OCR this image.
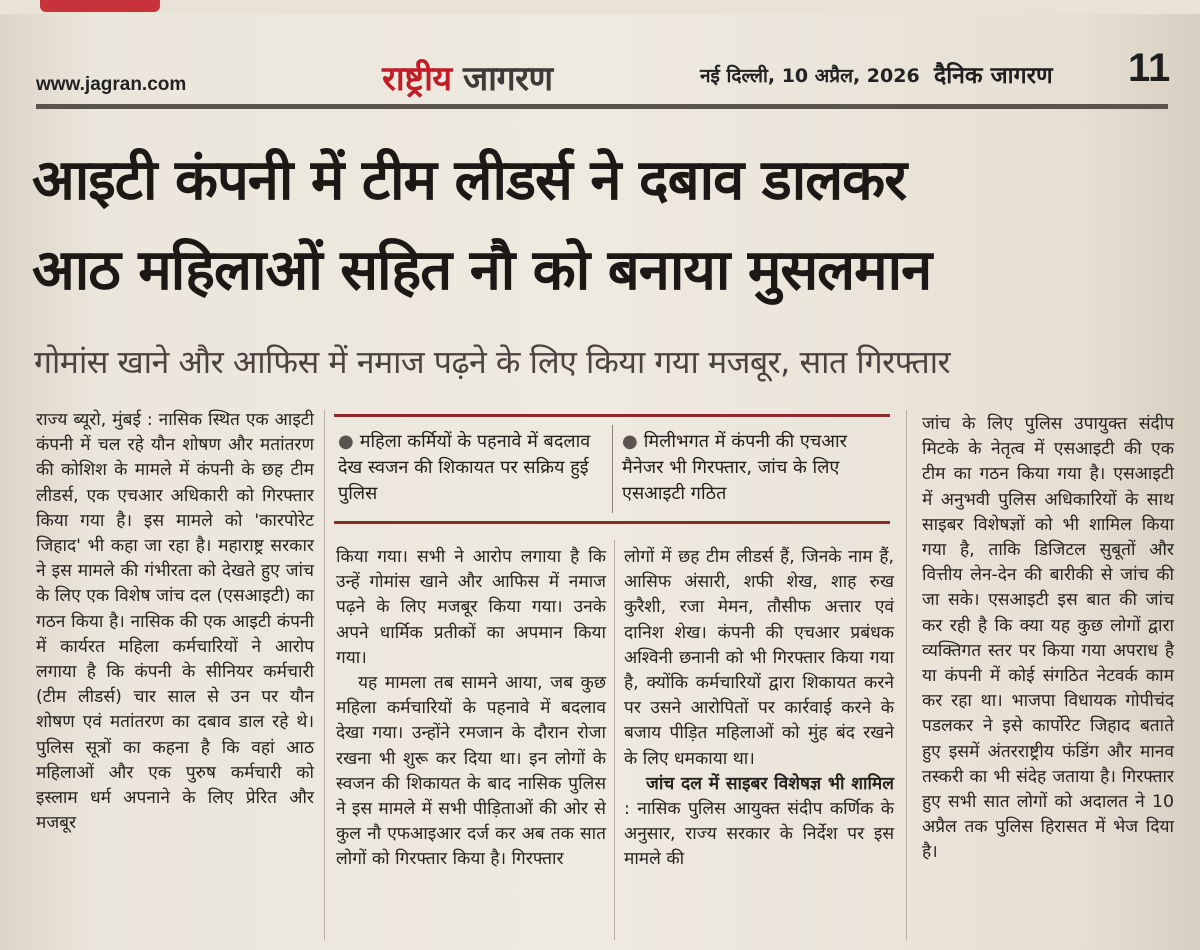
www.jagran.com	राष्ट्रीय जागरण	नई दिल्ली, 10 अप्रैल, 2026 दैनिक जागरण 11
आइटी कंपनी में टीम लीडर्स ने दबाव डालकर
आठ महिलाओं सहित नौ को बनाया मुसलमान
गोमांस खाने और आफिस में नमाज पढ़ने के लिए किया गया मजबूर, सात गिरफ्तार

राज्य ब्यूरो, मुंबई : नासिक स्थित एक आइटी कंपनी में चल रहे यौन शोषण और मतांतरण की कोशिश के मामले में कंपनी के छह टीम लीडर्स, एक एचआर अधिकारी को गिरफ्तार किया गया है। इस मामले को 'कारपोरेट जिहाद' भी कहा जा रहा है। महाराष्ट्र सरकार ने इस मामले की गंभीरता को देखते हुए जांच के लिए एक विशेष जांच दल (एसआइटी) का गठन किया है। नासिक की एक आइटी कंपनी में कार्यरत महिला कर्मचारियों ने आरोप लगाया है कि कंपनी के सीनियर कर्मचारी (टीम लीडर्स) चार साल से उन पर यौन शोषण एवं मतांतरण का दबाव डाल रहे थे। पुलिस सूत्रों का कहना है कि वहां आठ महिलाओं और एक पुरुष कर्मचारी को इस्लाम धर्म अपनाने के लिए प्रेरित और मजबूर

● महिला कर्मियों के पहनावे में बदलाव देख स्वजन की शिकायत पर सक्रिय हुई पुलिस
● मिलीभगत में कंपनी की एचआर मैनेजर भी गिरफ्तार, जांच के लिए एसआइटी गठित

किया गया। सभी ने आरोप लगाया है कि उन्हें गोमांस खाने और आफिस में नमाज पढ़ने के लिए मजबूर किया गया। उनके अपने धार्मिक प्रतीकों का अपमान किया गया।

यह मामला तब सामने आया, जब कुछ महिला कर्मचारियों के पहनावे में बदलाव देखा गया। उन्होंने रमजान के दौरान रोजा रखना भी शुरू कर दिया था। इन लोगों के स्वजन की शिकायत के बाद नासिक पुलिस ने इस मामले में सभी पीड़िताओं की ओर से कुल नौ एफआइआर दर्ज कर अब तक सात लोगों को गिरफ्तार किया है। गिरफ्तार

लोगों में छह टीम लीडर्स हैं, जिनके नाम हैं, आसिफ अंसारी, शफी शेख, शाह रुख कुरैशी, रजा मेमन, तौसीफ अत्तार एवं दानिश शेख। कंपनी की एचआर प्रबंधक अश्विनी छनानी को भी गिरफ्तार किया गया है, क्योंकि कर्मचारियों द्वारा शिकायत करने पर उसने आरोपितों पर कार्रवाई करने के बजाय पीड़ित महिलाओं को मुंह बंद रखने के लिए धमकाया था।

जांच दल में साइबर विशेषज्ञ भी शामिल : नासिक पुलिस आयुक्त संदीप कर्णिक के अनुसार, राज्य सरकार के निर्देश पर इस मामले की

जांच के लिए पुलिस उपायुक्त संदीप मिटके के नेतृत्व में एसआइटी की एक टीम का गठन किया गया है। एसआइटी में अनुभवी पुलिस अधिकारियों के साथ साइबर विशेषज्ञों को भी शामिल किया गया है, ताकि डिजिटल सुबूतों और वित्तीय लेन-देन की बारीकी से जांच की जा सके। एसआइटी इस बात की जांच कर रही है कि क्या यह कुछ लोगों द्वारा व्यक्तिगत स्तर पर किया गया अपराध है या कंपनी में कोई संगठित नेटवर्क काम कर रहा था। भाजपा विधायक गोपीचंद पडलकर ने इसे कार्पोरेट जिहाद बताते हुए इसमें अंतरराष्ट्रीय फंडिंग और मानव तस्करी का भी संदेह जताया है। गिरफ्तार हुए सभी सात लोगों को अदालत ने 10 अप्रैल तक पुलिस हिरासत में भेज दिया है।
